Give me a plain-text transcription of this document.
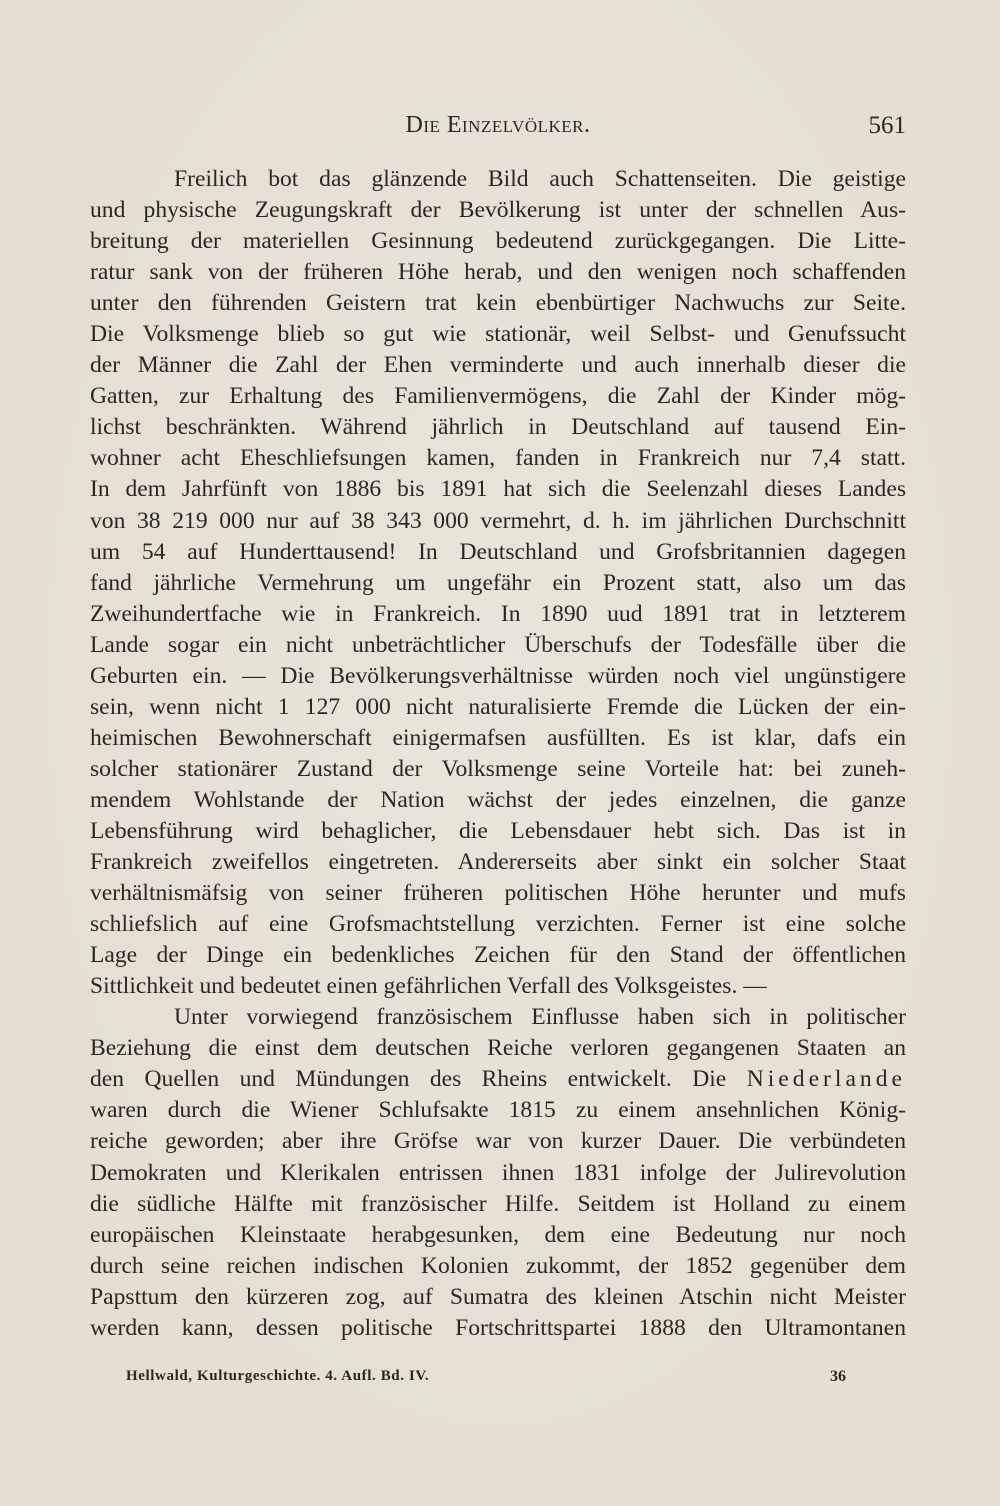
Die Einzelvölker.	561
Freilich bot das glänzende Bild auch Schattenseiten. Die geistige
und physische Zeugungskraft der Bevölkerung ist unter der schnellen Aus-
breitung der materiellen Gesinnung bedeutend zurückgegangen. Die Litte-
ratur sank von der früheren Höhe herab, und den wenigen noch schaffenden
unter den führenden Geistern trat kein ebenbürtiger Nachwuchs zur Seite.
Die Volksmenge blieb so gut wie stationär, weil Selbst- und Genufssucht
der Männer die Zahl der Ehen verminderte und auch innerhalb dieser die
Gatten, zur Erhaltung des Familienvermögens, die Zahl der Kinder mög-
lichst beschränkten. Während jährlich in Deutschland auf tausend Ein-
wohner acht Eheschliefsungen kamen, fanden in Frankreich nur 7,4 statt.
In dem Jahrfünft von 1886 bis 1891 hat sich die Seelenzahl dieses Landes
von 38 219 000 nur auf 38 343 000 vermehrt, d. h. im jährlichen Durchschnitt
um 54 auf Hunderttausend! In Deutschland und Grofsbritannien dagegen
fand jährliche Vermehrung um ungefähr ein Prozent statt, also um das
Zweihundertfache wie in Frankreich. In 1890 uud 1891 trat in letzterem
Lande sogar ein nicht unbeträchtlicher Überschufs der Todesfälle über die
Geburten ein. — Die Bevölkerungsverhältnisse würden noch viel ungünstigere
sein, wenn nicht 1 127 000 nicht naturalisierte Fremde die Lücken der ein-
heimischen Bewohnerschaft einigermafsen ausfüllten. Es ist klar, dafs ein
solcher stationärer Zustand der Volksmenge seine Vorteile hat: bei zuneh-
mendem Wohlstande der Nation wächst der jedes einzelnen, die ganze
Lebensführung wird behaglicher, die Lebensdauer hebt sich. Das ist in
Frankreich zweifellos eingetreten. Andererseits aber sinkt ein solcher Staat
verhältnismäfsig von seiner früheren politischen Höhe herunter und mufs
schliefslich auf eine Grofsmachtstellung verzichten. Ferner ist eine solche
Lage der Dinge ein bedenkliches Zeichen für den Stand der öffentlichen
Sittlichkeit und bedeutet einen gefährlichen Verfall des Volksgeistes. —
Unter vorwiegend französischem Einflusse haben sich in politischer
Beziehung die einst dem deutschen Reiche verloren gegangenen Staaten an
den Quellen und Mündungen des Rheins entwickelt. Die Niederlande
waren durch die Wiener Schlufsakte 1815 zu einem ansehnlichen König-
reiche geworden; aber ihre Gröfse war von kurzer Dauer. Die verbündeten
Demokraten und Klerikalen entrissen ihnen 1831 infolge der Julirevolution
die südliche Hälfte mit französischer Hilfe. Seitdem ist Holland zu einem
europäischen Kleinstaate herabgesunken, dem eine Bedeutung nur noch
durch seine reichen indischen Kolonien zukommt, der 1852 gegenüber dem
Papsttum den kürzeren zog, auf Sumatra des kleinen Atschin nicht Meister
werden kann, dessen politische Fortschrittspartei 1888 den Ultramontanen
Hellwald, Kulturgeschichte. 4. Aufl. Bd. IV.	36
